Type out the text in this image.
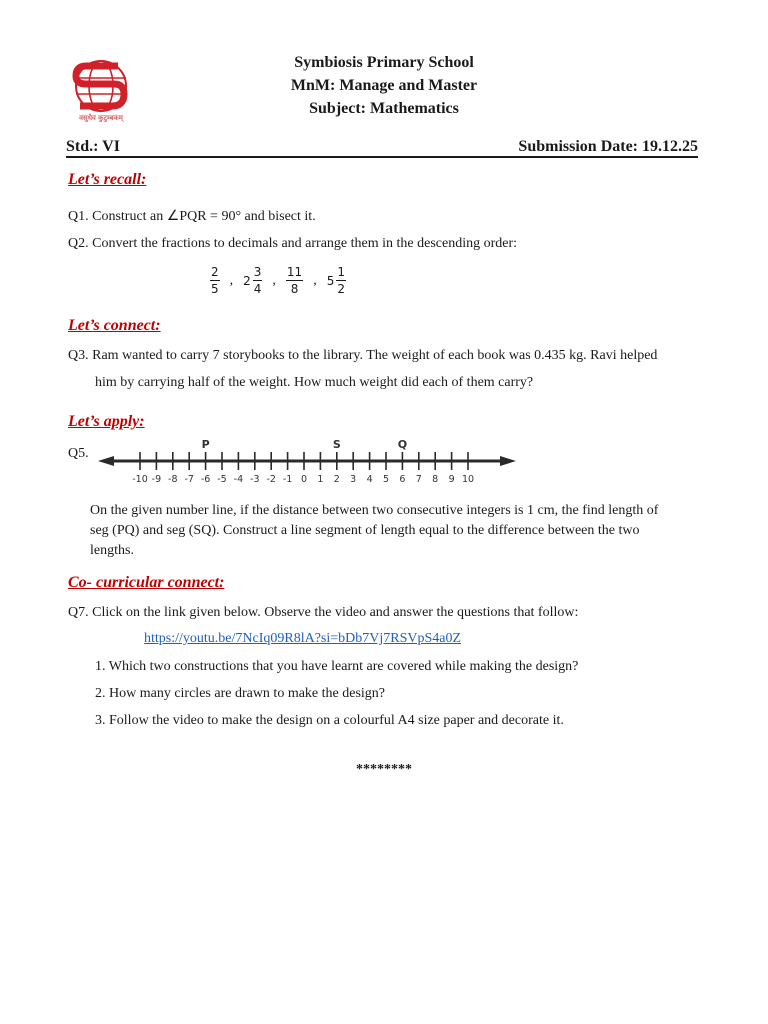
वसुधैव कुटुम्बकम्
Symbiosis Primary School
MnM: Manage and Master
Subject: Mathematics
Std.: VI	Submission Date: 19.12.25
Let’s recall:
Q1. Construct an ∠PQR = 90° and bisect it.
Q2. Convert the fractions to decimals and arrange them in the descending order:
$\frac{2}{5}$ , $2 \frac{3}{4}$ , $\frac{11}{8}$ , $5 \frac{1}{2}$
Let’s connect:
Q3. Ram wanted to carry 7 storybooks to the library. The weight of each book was 0.435 kg. Ravi helped
him by carrying half of the weight. How much weight did each of them carry?
Let’s apply:
Q5.
-10 -9 -8 -7 -6 -5 -4 -3 -2 -1 0 1 2 3 4 5 6 7 8 9 10
P	S	Q
On the given number line, if the distance between two consecutive integers is 1 cm, the find length of
seg (PQ) and seg (SQ). Construct a line segment of length equal to the difference between the two
lengths.
Co- curricular connect:
Q7. Click on the link given below. Observe the video and answer the questions that follow:
https://youtu.be/7NcIq09R8lA?si=bDb7Vj7RSVpS4a0Z
1. Which two constructions that you have learnt are covered while making the design?
2. How many circles are drawn to make the design?
3. Follow the video to make the design on a colourful A4 size paper and decorate it.
********
